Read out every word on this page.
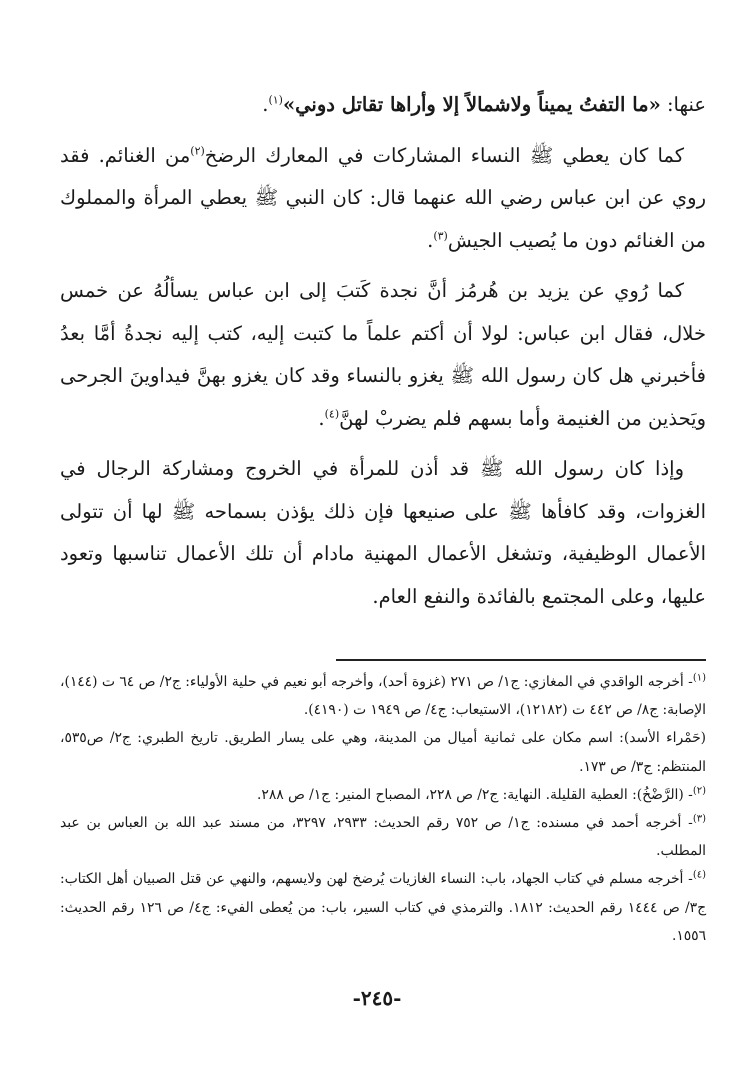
عنها: «ما التفتُ يميناً ولاشمالاً إلا وأراها تقاتل دوني»$^{(١)}$.

كما كان يعطي ﷺ النساء المشاركات في المعارك الرضخ$^{(٢)}$من الغنائم. فقد روي عن ابن عباس رضي الله عنهما قال: كان النبي ﷺ يعطي المرأة والمملوك من الغنائم دون ما يُصيب الجيش$^{(٣)}$.

كما رُوي عن يزيد بن هُرمُز أنَّ نجدة كَتبَ إلى ابن عباس يسألُهُ عن خمس خلال، فقال ابن عباس: لولا أن أكتم علماً ما كتبت إليه، كتب إليه نجدةُ أمَّا بعدُ فأخبرني هل كان رسول الله ﷺ يغزو بالنساء وقد كان يغزو بهنَّ فيداوينَ الجرحى ويَحذين من الغنيمة وأما بسهم فلم يضربْ لهنَّ$^{(٤)}$.

وإذا كان رسول الله ﷺ قد أذن للمرأة في الخروج ومشاركة الرجال في الغزوات، وقد كافأها ﷺ على صنيعها فإن ذلك يؤذن بسماحه ﷺ لها أن تتولى الأعمال الوظيفية، وتشغل الأعمال المهنية مادام أن تلك الأعمال تناسبها وتعود عليها، وعلى المجتمع بالفائدة والنفع العام.

$^{(١)}$- أخرجه الواقدي في المغازي: ج١/ ص ٢٧١ (غزوة أحد)، وأخرجه أبو نعيم في حلية الأولياء: ج٢/ ص ٦٤ ت (١٤٤)، الإصابة: ج٨/ ص ٤٤٢ ت (١٢١٨٢)، الاستيعاب: ج٤/ ص ١٩٤٩ ت (٤١٩٠).

(حَمْراء الأسد): اسم مكان على ثمانية أميال من المدينة، وهي على يسار الطريق. تاريخ الطبري: ج٢/ ص٥٣٥، المنتظم: ج٣/ ص ١٧٣.

$^{(٢)}$- (الرَّضْخُ): العطية القليلة. النهاية: ج٢/ ص ٢٢٨، المصباح المنير: ج١/ ص ٢٨٨.

$^{(٣)}$- أخرجه أحمد في مسنده: ج١/ ص ٧٥٢ رقم الحديث: ٢٩٣٣، ٣٢٩٧، من مسند عبد الله بن العباس بن عبد المطلب.

$^{(٤)}$- أخرجه مسلم في كتاب الجهاد، باب: النساء الغازيات يُرضخ لهن ولايسهم، والنهي عن قتل الصبيان أهل الكتاب: ج٣/ ص ١٤٤٤ رقم الحديث: ١٨١٢. والترمذي في كتاب السير، باب: من يُعطى الفيء: ج٤/ ص ١٢٦ رقم الحديث: ١٥٥٦.

-٢٤٥-
